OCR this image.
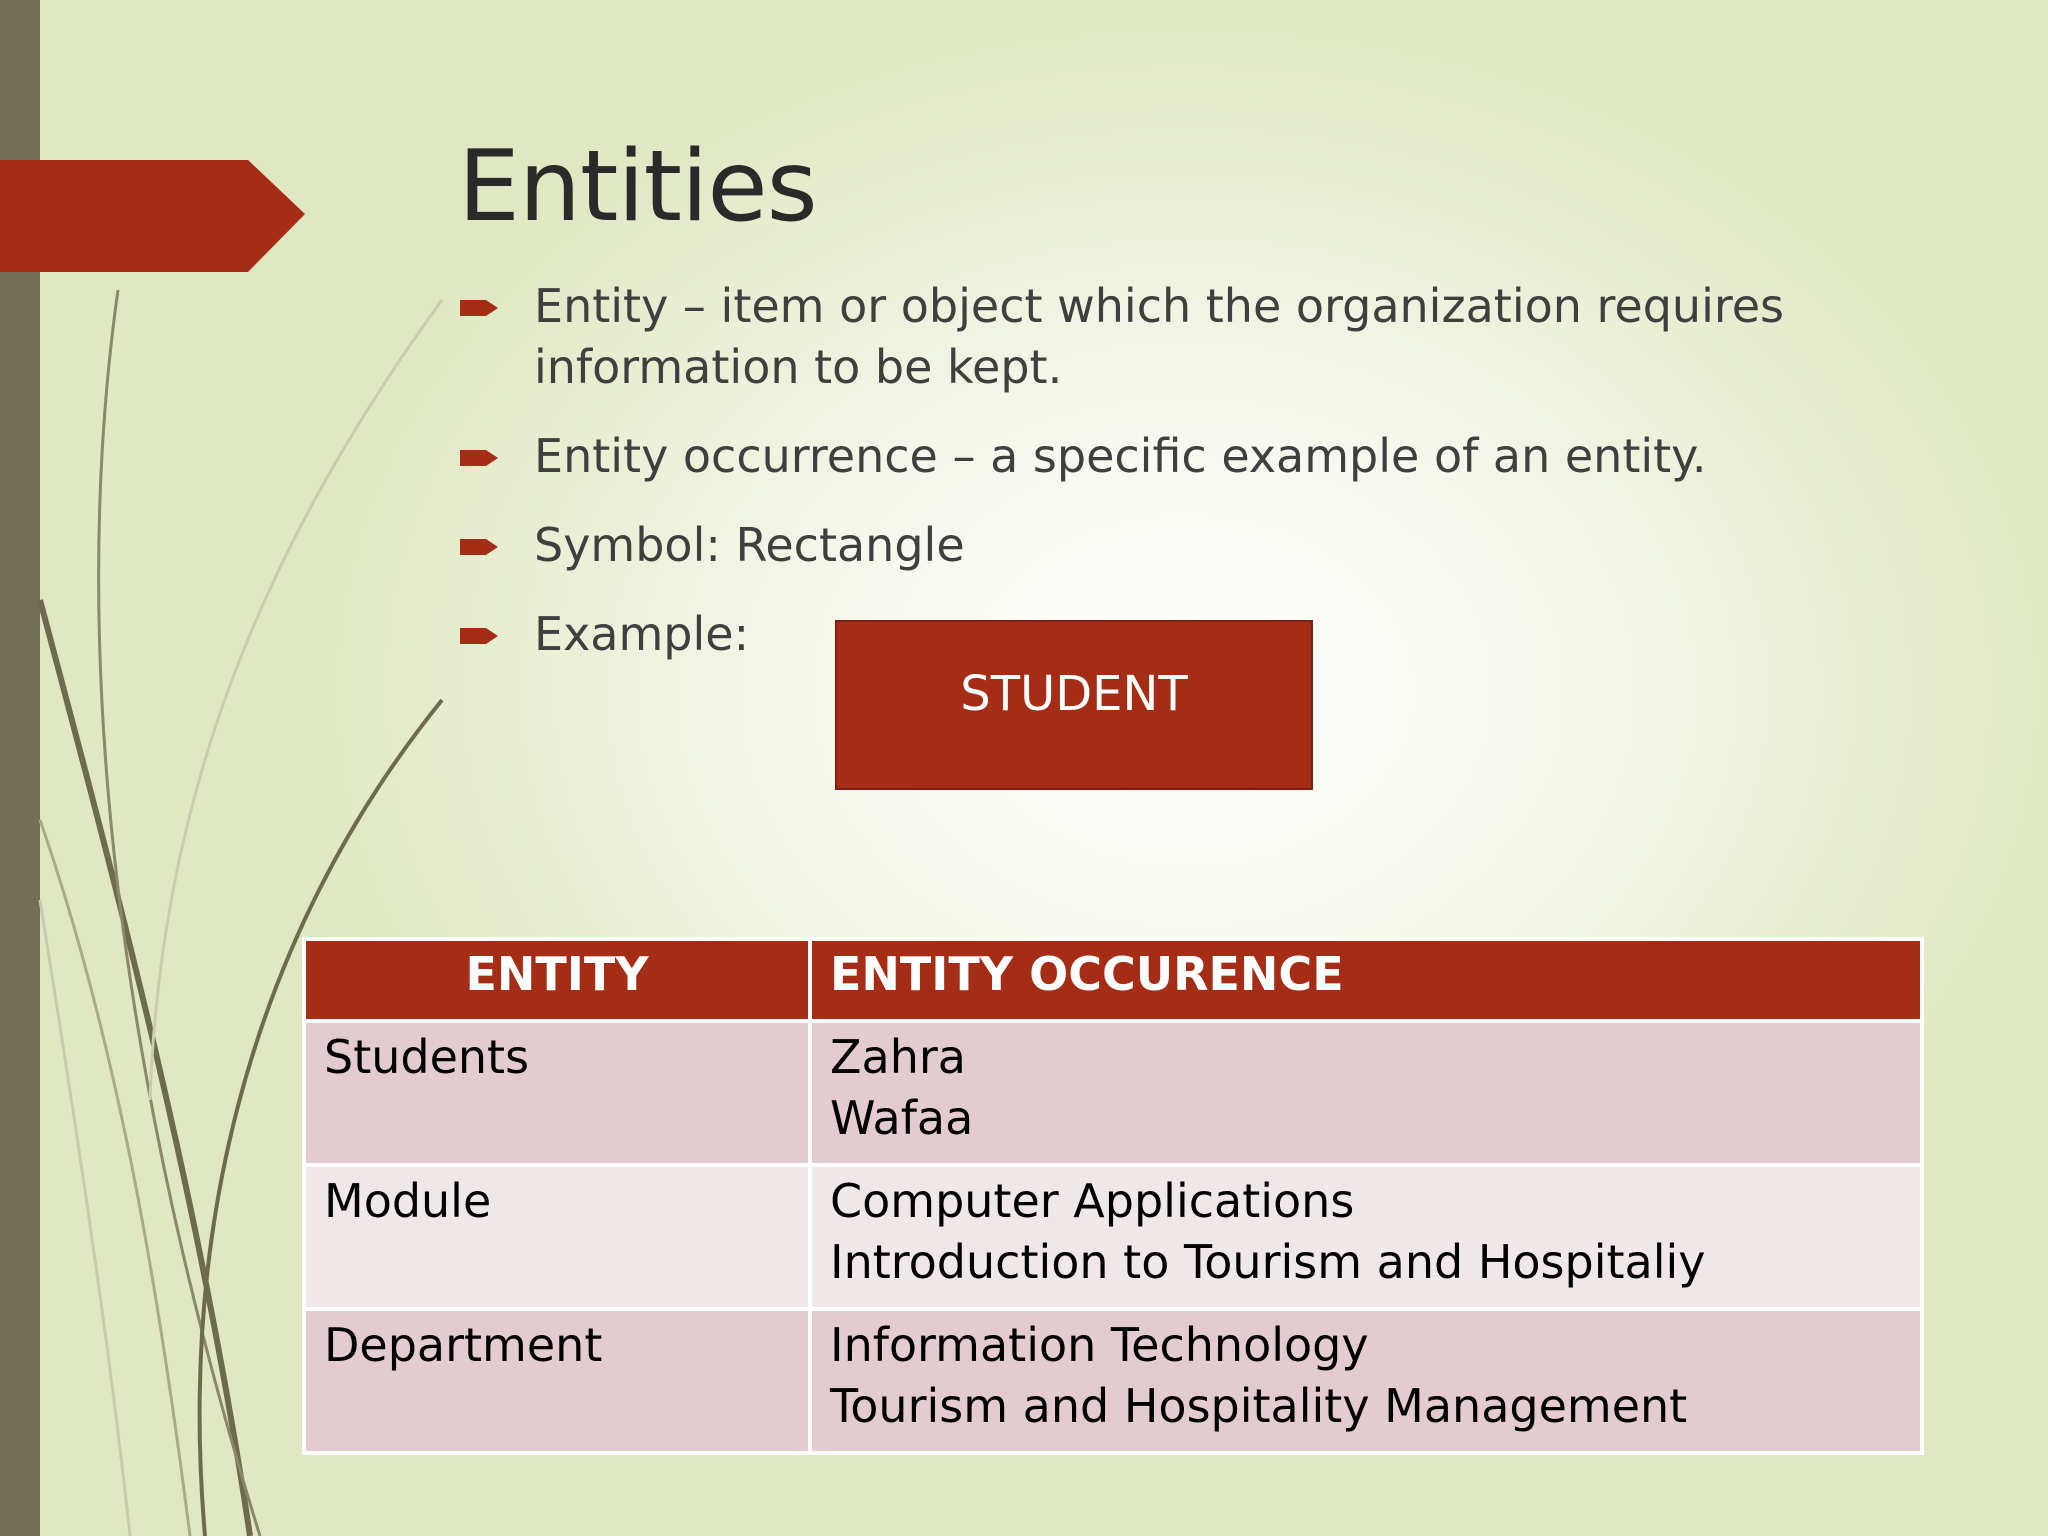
Entities
Entity – item or object which the organization requires
information to be kept.
Entity occurrence – a specific example of an entity.
Symbol: Rectangle
Example:
STUDENT
ENTITY	ENTITY OCCURENCE
Students	Zahra
Wafaa

Module	Computer Applications
Introduction to Tourism and Hospitaliy

Department	Information Technology
Tourism and Hospitality Management
